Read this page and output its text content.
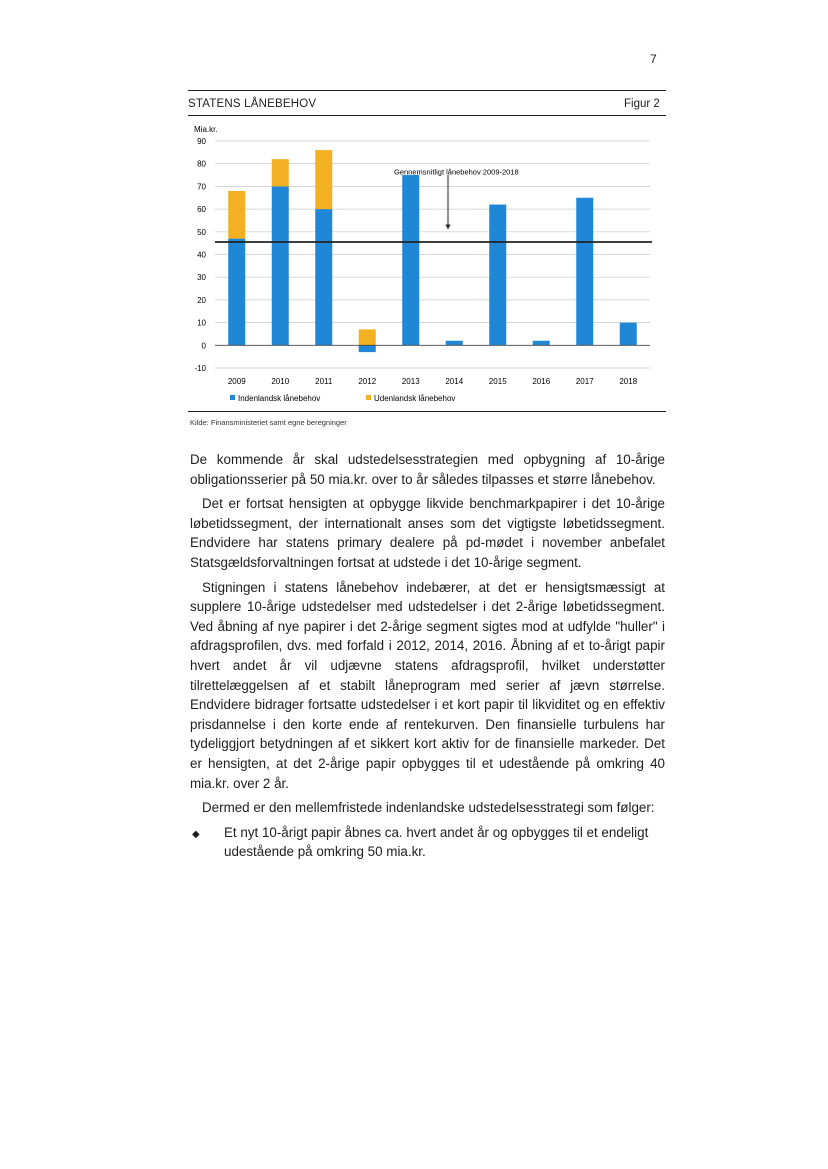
7
STATENS LÅNEBEHOV	Figur 2
Mia.kr.
90
80
70
60
50
40
30
20
10
0
-10
Gennemsnitligt lånebehov 2009-2018
2009	2010	2011	2012	2013	2014	2015	2016	2017	2018
Indenlandsk lånebehov	Udenlandsk lånebehov
Kilde: Finansministeriet samt egne beregninger

De kommende år skal udstedelsesstrategien med opbygning af 10-årige obligationsserier på 50 mia.kr. over to år således tilpasses et større lånebehov.

Det er fortsat hensigten at opbygge likvide benchmarkpapirer i det 10-årige løbetidssegment, der internationalt anses som det vigtigste løbetidssegment. Endvidere har statens primary dealere på pd-mødet i november anbefalet Statsgældsforvaltningen fortsat at udstede i det 10-årige segment.

Stigningen i statens lånebehov indebærer, at det er hensigtsmæssigt at supplere 10-årige udstedelser med udstedelser i det 2-årige løbetidssegment. Ved åbning af nye papirer i det 2-årige segment sigtes mod at udfylde "huller" i afdragsprofilen, dvs. med forfald i 2012, 2014, 2016. Åbning af et to-årigt papir hvert andet år vil udjævne statens afdragsprofil, hvilket understøtter tilrettelæggelsen af et stabilt låneprogram med serier af jævn størrelse. Endvidere bidrager fortsatte udstedelser i et kort papir til likviditet og en effektiv prisdannelse i den korte ende af rentekurven. Den finansielle turbulens har tydeliggjort betydningen af et sikkert kort aktiv for de finansielle markeder. Det er hensigten, at det 2-årige papir opbygges til et udestående på omkring 40 mia.kr. over 2 år.

Dermed er den mellemfristede indenlandske udstedelsesstrategi som følger:

◆	Et nyt 10-årigt papir åbnes ca. hvert andet år og opbygges til et endeligt udestående på omkring 50 mia.kr.
